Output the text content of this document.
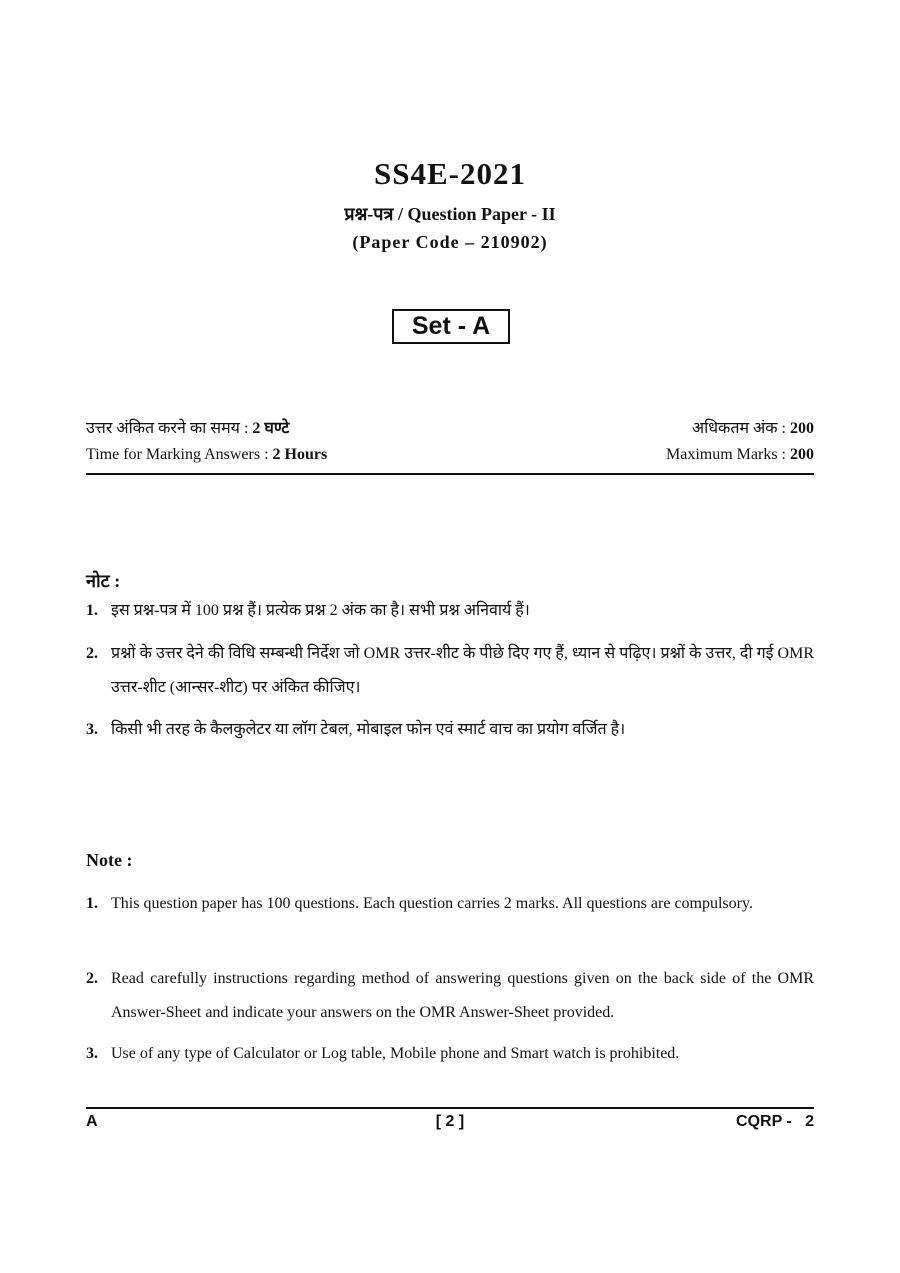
SS4E-2021
प्रश्न-पत्र / Question Paper - II
(Paper Code – 210902)
Set - A
उत्तर अंकित करने का समय : 2 घण्टे	अधिकतम अंक : 200
Time for Marking Answers : 2 Hours	Maximum Marks : 200
नोट :
1. इस प्रश्न-पत्र में 100 प्रश्न हैं। प्रत्येक प्रश्न 2 अंक का है। सभी प्रश्न अनिवार्य हैं।
2. प्रश्नों के उत्तर देने की विधि सम्बन्धी निर्देश जो OMR उत्तर-शीट के पीछे दिए गए हैं, ध्यान से पढ़िए। प्रश्नों के उत्तर, दी गई OMR उत्तर-शीट (आन्सर-शीट) पर अंकित कीजिए।
3. किसी भी तरह के कैलकुलेटर या लॉग टेबल, मोबाइल फोन एवं स्मार्ट वाच का प्रयोग वर्जित है।
Note :
1. This question paper has 100 questions. Each question carries 2 marks. All questions are compulsory.
2. Read carefully instructions regarding method of answering questions given on the back side of the OMR Answer-Sheet and indicate your answers on the OMR Answer-Sheet provided.
3. Use of any type of Calculator or Log table, Mobile phone and Smart watch is prohibited.
A	[ 2 ]	CQRP -   2
